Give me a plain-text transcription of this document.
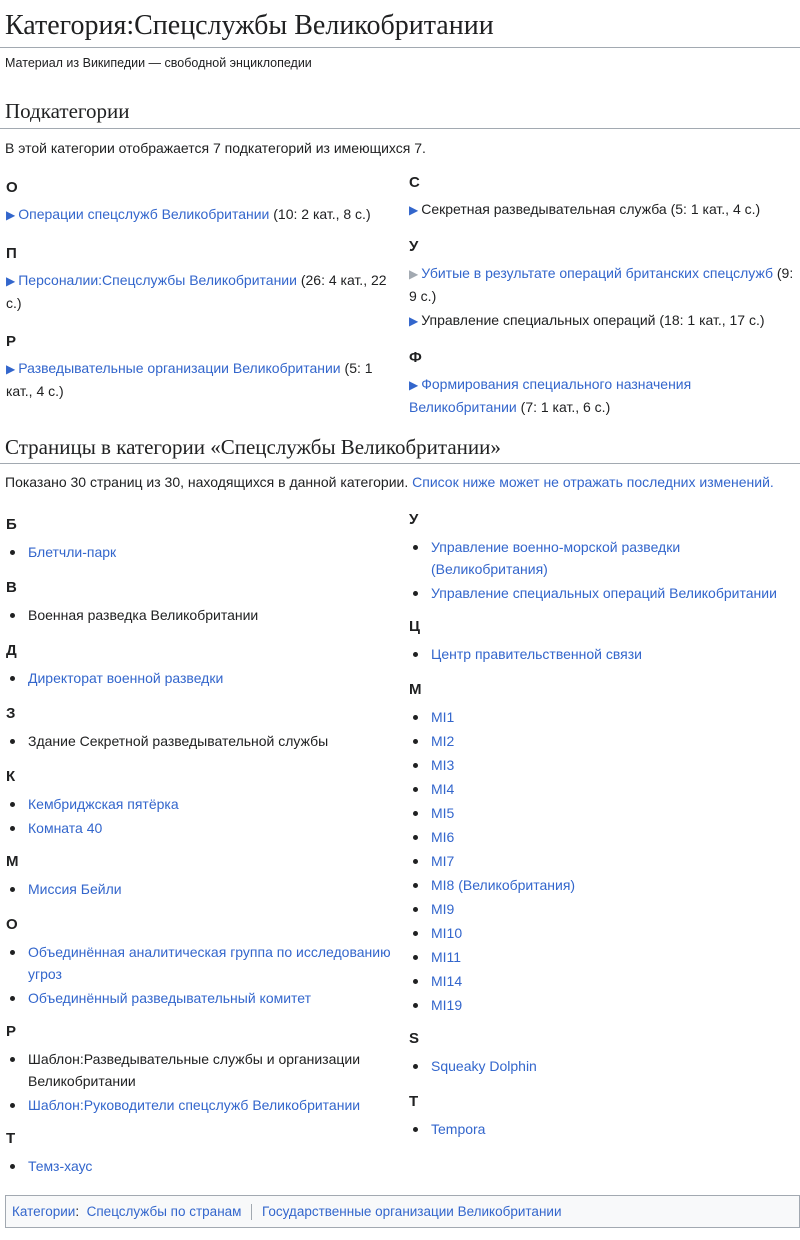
Категория:Спецслужбы Великобритании

Материал из Википедии — свободной энциклопедии

Подкатегории

В этой категории отображается 7 подкатегорий из имеющихся 7.

О

▶ Операции спецслужб Великобритании (10: 2 кат., 8 с.)

П

▶ Персоналии:Спецслужбы Великобритании (26: 4 кат., 22 с.)

Р

▶ Разведывательные организации Великобритании (5: 1 кат., 4 с.)

С

▶ Секретная разведывательная служба (5: 1 кат., 4 с.)

У

▶ Убитые в результате операций британских спецслужб (9: 9 с.)

▶ Управление специальных операций (18: 1 кат., 17 с.)

Ф

▶ Формирования специального назначения Великобритании (7: 1 кат., 6 с.)

Страницы в категории «Спецслужбы Великобритании»

Показано 30 страниц из 30, находящихся в данной категории. Список ниже может не отражать последних изменений.

Б

Блетчли-парк

В

Военная разведка Великобритании

Д

Директорат военной разведки

З

Здание Секретной разведывательной службы

К

Кембриджская пятёрка
Комната 40

М

Миссия Бейли

О

Объединённая аналитическая группа по исследованию угроз
Объединённый разведывательный комитет

Р

Шаблон:Разведывательные службы и организации Великобритании
Шаблон:Руководители спецслужб Великобритании

Т

Темз-хаус

У

Управление военно-морской разведки (Великобритания)
Управление специальных операций Великобритании

Ц

Центр правительственной связи

M

MI1
MI2
MI3
MI4
MI5
MI6
MI7
MI8 (Великобритания)
MI9
MI10
MI11
MI14
MI19

S

Squeaky Dolphin

T

Tempora
Категории:  Спецслужбы по странам Государственные организации Великобритании
